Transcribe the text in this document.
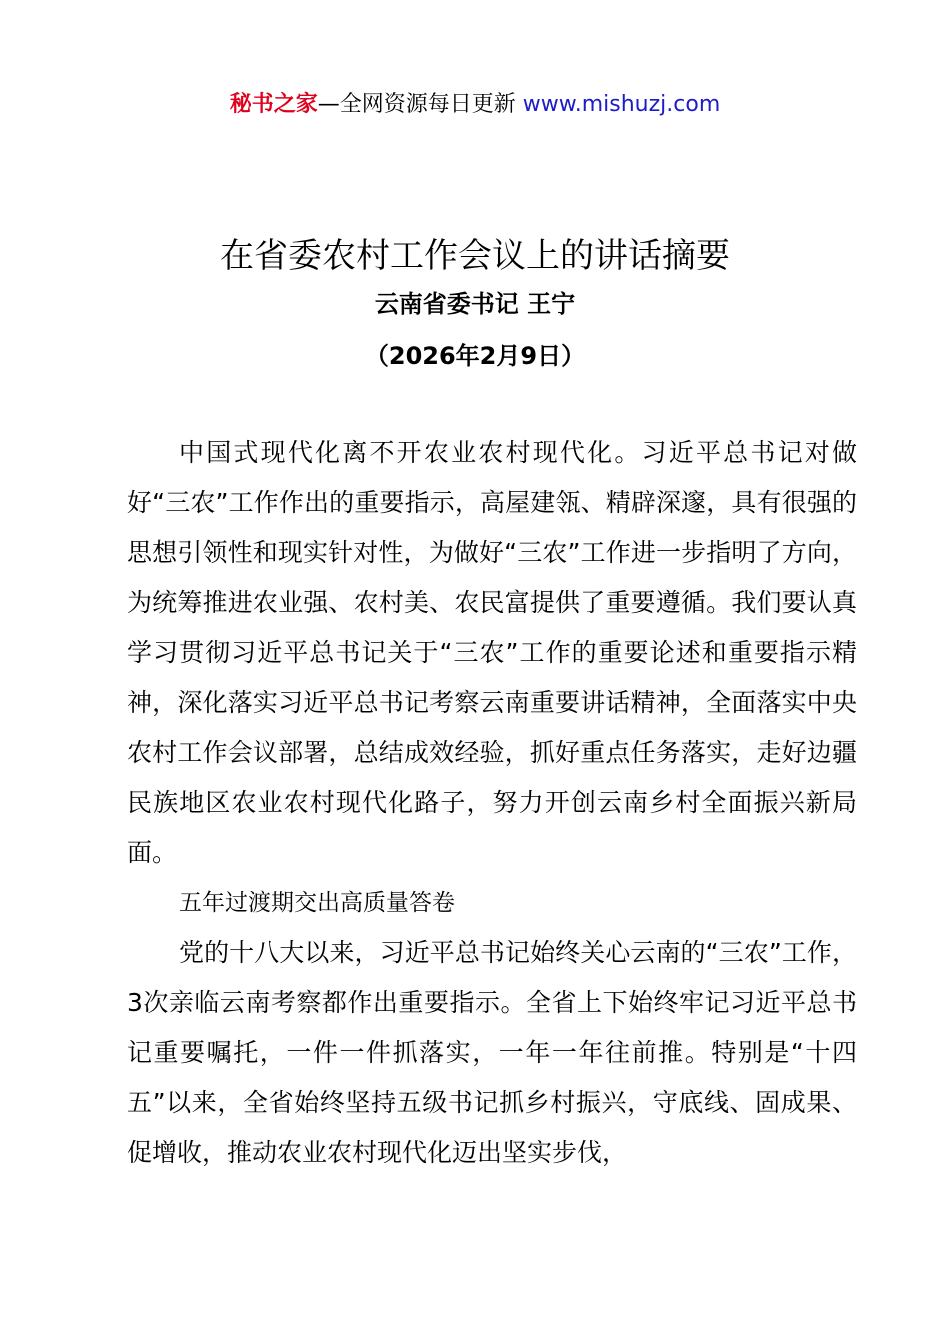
秘书之家—全网资源每日更新 www.mishuzj.com
在省委农村工作会议上的讲话摘要
云南省委书记 王宁
（2026年2月9日）

中国式现代化离不开农业农村现代化。习近平总书记对做好“三农”工作作出的重要指示，高屋建瓴、精辟深邃，具有很强的思想引领性和现实针对性，为做好“三农”工作进一步指明了方向，为统筹推进农业强、农村美、农民富提供了重要遵循。我们要认真学习贯彻习近平总书记关于“三农”工作的重要论述和重要指示精神，深化落实习近平总书记考察云南重要讲话精神，全面落实中央农村工作会议部署，总结成效经验，抓好重点任务落实，走好边疆民族地区农业农村现代化路子，努力开创云南乡村全面振兴新局面。

五年过渡期交出高质量答卷

党的十八大以来，习近平总书记始终关心云南的“三农”工作，3次亲临云南考察都作出重要指示。全省上下始终牢记习近平总书记重要嘱托，一件一件抓落实，一年一年往前推。特别是“十四五”以来，全省始终坚持五级书记抓乡村振兴，守底线、固成果、促增收，推动农业农村现代化迈出坚实步伐，
